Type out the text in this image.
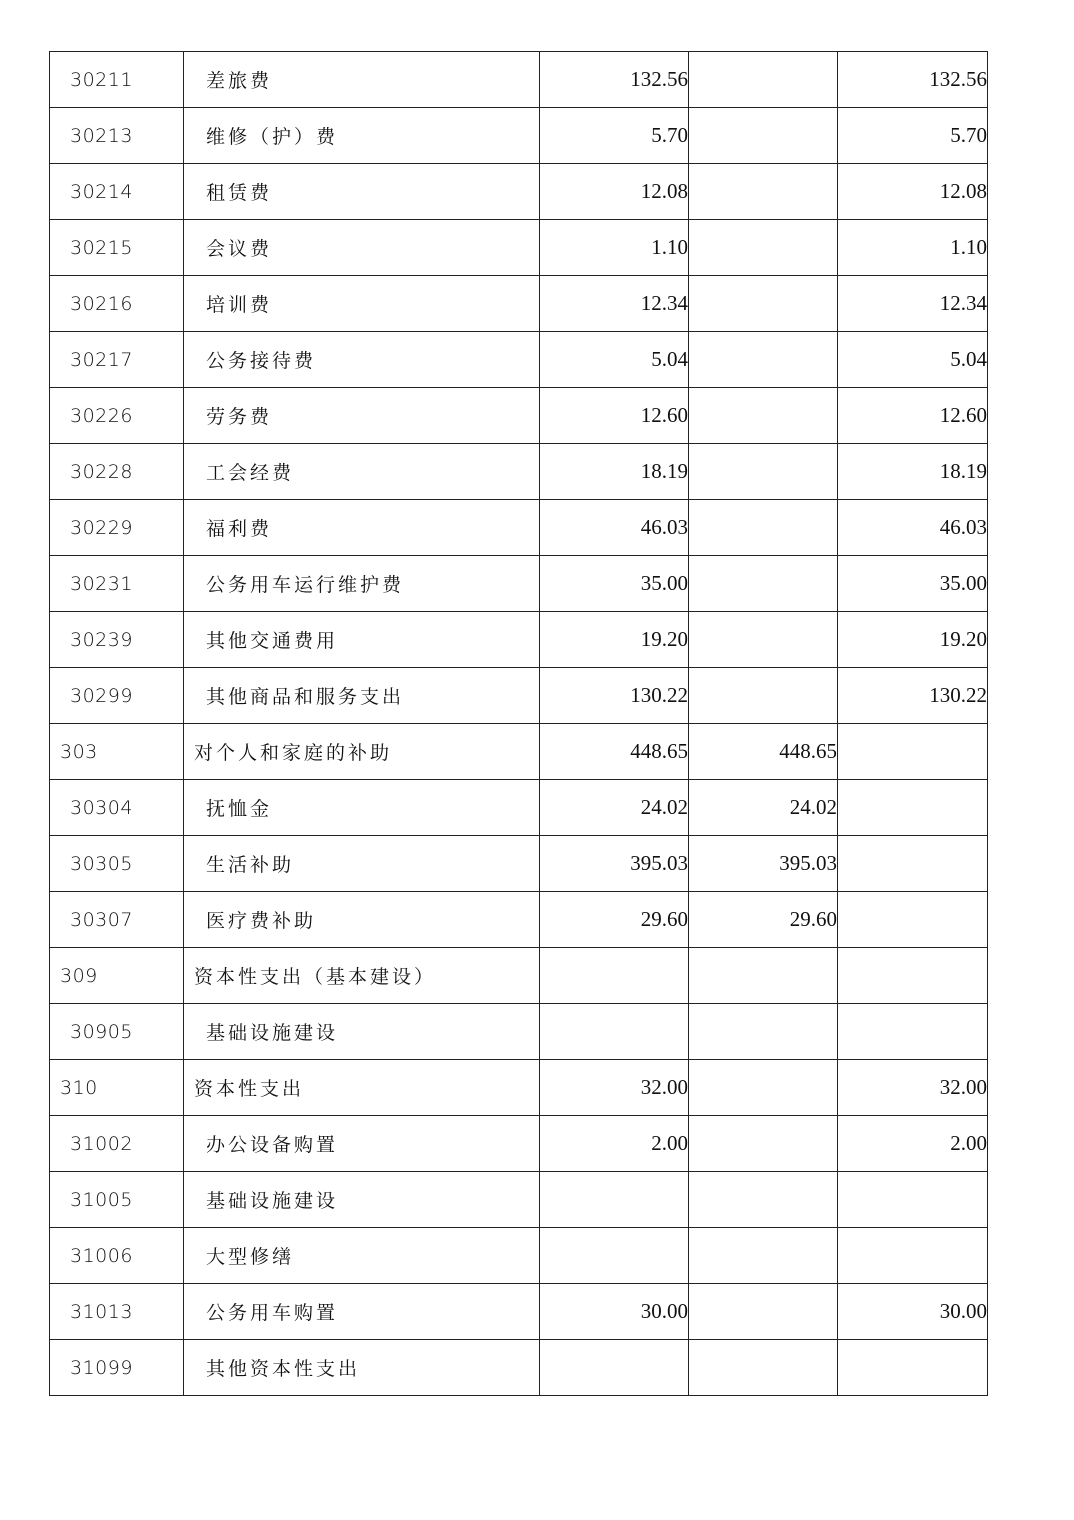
30211	差旅费	132.56		132.56
30213	维修（护）费	5.70		5.70
30214	租赁费	12.08		12.08
30215	会议费	1.10		1.10
30216	培训费	12.34		12.34
30217	公务接待费	5.04		5.04
30226	劳务费	12.60		12.60
30228	工会经费	18.19		18.19
30229	福利费	46.03		46.03
30231	公务用车运行维护费	35.00		35.00
30239	其他交通费用	19.20		19.20
30299	其他商品和服务支出	130.22		130.22
303	对个人和家庭的补助	448.65	448.65	
30304	抚恤金	24.02	24.02	
30305	生活补助	395.03	395.03	
30307	医疗费补助	29.60	29.60	
309	资本性支出（基本建设）			
30905	基础设施建设			
310	资本性支出	32.00		32.00
31002	办公设备购置	2.00		2.00
31005	基础设施建设			
31006	大型修缮			
31013	公务用车购置	30.00		30.00
31099	其他资本性支出			
